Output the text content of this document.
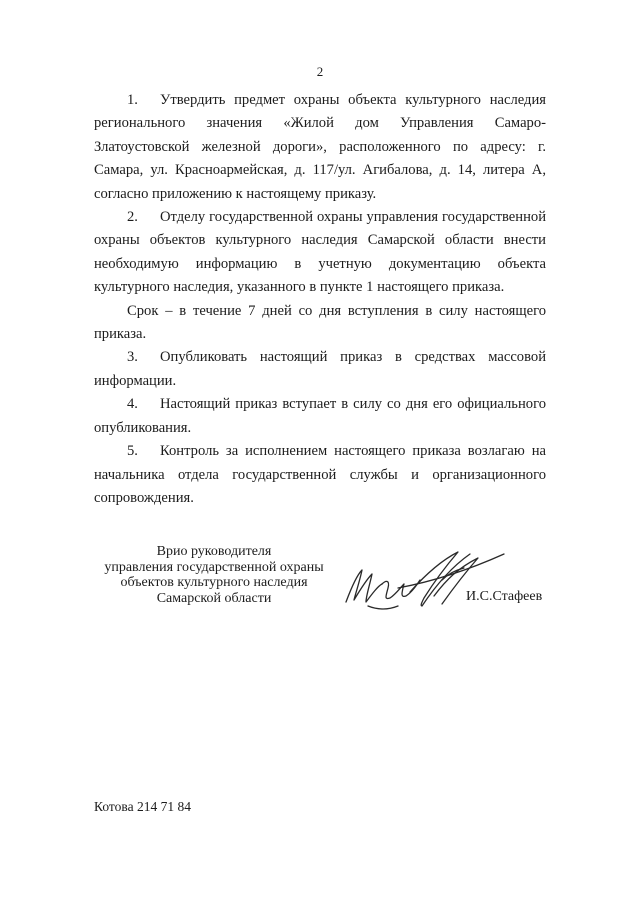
2

1. Утвердить предмет охраны объекта культурного наследия регионального значения «Жилой дом Управления Самаро-Златоустовской железной дороги», расположенного по адресу: г. Самара, ул. Красноармейская, д. 117/ул. Агибалова, д. 14, литера А, согласно приложению к настоящему приказу.

2. Отделу государственной охраны управления государственной охраны объектов культурного наследия Самарской области внести необходимую информацию в учетную документацию объекта культурного наследия, указанного в пункте 1 настоящего приказа.

Срок – в течение 7 дней со дня вступления в силу настоящего приказа.

3. Опубликовать настоящий приказ в средствах массовой информации.

4. Настоящий приказ вступает в силу со дня его официального опубликования.

5. Контроль за исполнением настоящего приказа возлагаю на начальника отдела государственной службы и организационного сопровождения.

Врио руководителя
управления государственной охраны
объектов культурного наследия
Самарской области	И.С.Стафеев
Котова 214 71 84
